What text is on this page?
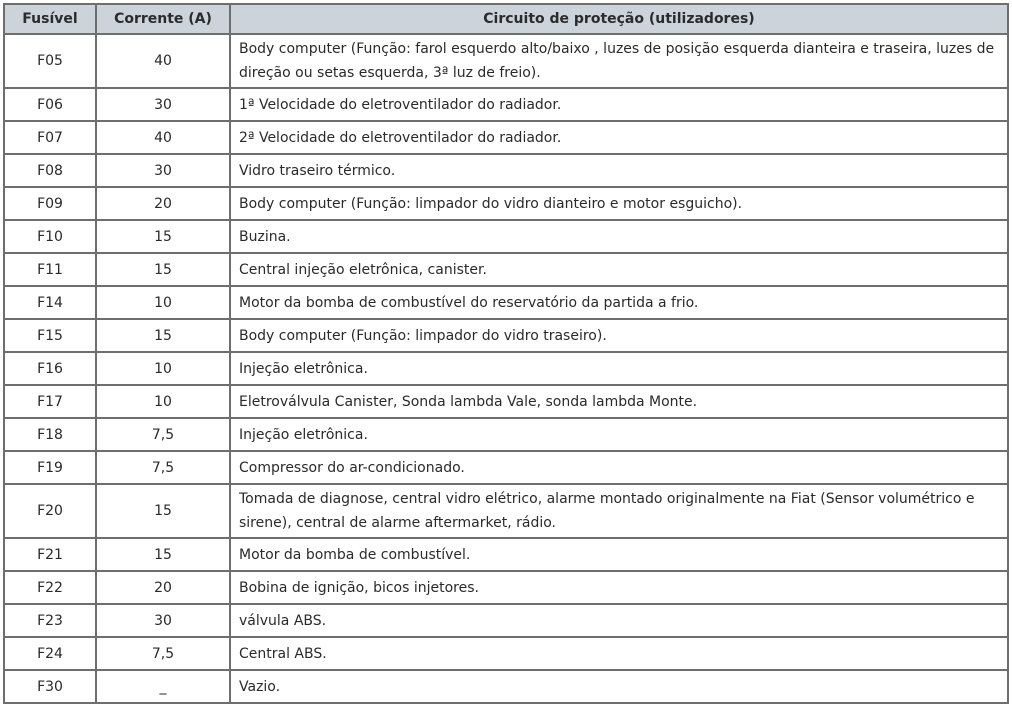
Fusível	Corrente (A)	Circuito de proteção (utilizadores)
F05	40	Body computer (Função: farol esquerdo alto/baixo , luzes de posição esquerda dianteira e traseira, luzes de direção ou setas esquerda, 3ª luz de freio).
F06	30	1ª Velocidade do eletroventilador do radiador.
F07	40	2ª Velocidade do eletroventilador do radiador.
F08	30	Vidro traseiro térmico.
F09	20	Body computer (Função: limpador do vidro dianteiro e motor esguicho).
F10	15	Buzina.
F11	15	Central injeção eletrônica, canister.
F14	10	Motor da bomba de combustível do reservatório da partida a frio.
F15	15	Body computer (Função: limpador do vidro traseiro).
F16	10	Injeção eletrônica.
F17	10	Eletroválvula Canister, Sonda lambda Vale, sonda lambda Monte.
F18	7,5	Injeção eletrônica.
F19	7,5	Compressor do ar-condicionado.
F20	15	Tomada de diagnose, central vidro elétrico, alarme montado originalmente na Fiat (Sensor volumétrico e sirene), central de alarme aftermarket, rádio.
F21	15	Motor da bomba de combustível.
F22	20	Bobina de ignição, bicos injetores.
F23	30	válvula ABS.
F24	7,5	Central ABS.
F30	_	Vazio.
